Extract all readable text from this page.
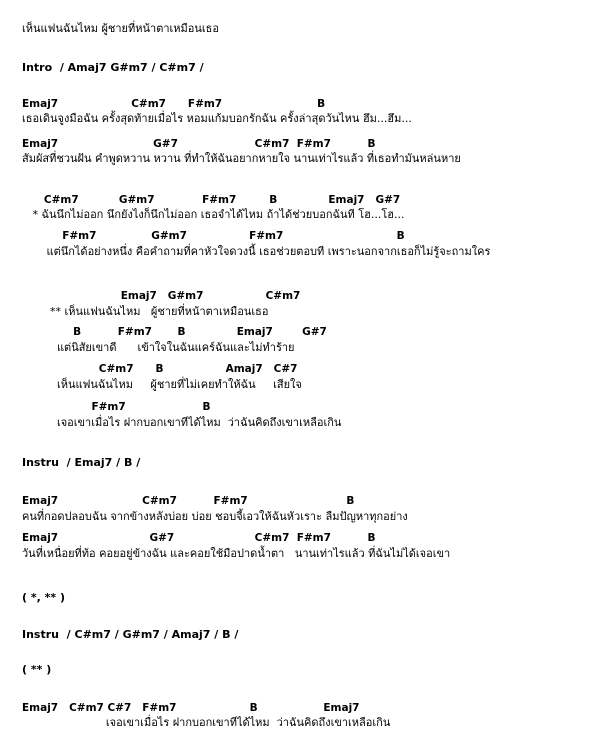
เห็นแฟนฉันไหม ผู้ชายที่หน้าตาเหมือนเธอ
Intro  / Amaj7 G#m7 / C#m7 /
Emaj7                    C#m7      F#m7                          B
เธอเดินจูงมือฉัน ครั้งสุดท้ายเมื่อไร หอมแก้มบอกรักฉัน ครั้งล่าสุดวันไหน ฮึม...ฮึม...
Emaj7                          G#7                     C#m7  F#m7          B
สัมผัสที่ชวนฝัน คำพูดหวาน หวาน ที่ทำให้ฉันอยากหายใจ นานเท่าไรแล้ว ที่เธอทำมันหล่นหาย
C#m7           G#m7             F#m7         B              Emaj7   G#7
* ฉันนึกไม่ออก นึกยังไงก็นึกไม่ออก เธอจำได้ไหม ถ้าได้ช่วยบอกฉันที โฮ...โฮ...
F#m7               G#m7                 F#m7                               B
แต่นึกได้อย่างหนึ่ง คือคำถามที่คาหัวใจดวงนี้ เธอช่วยตอบที เพราะนอกจากเธอก็ไม่รู้จะถามใคร
Emaj7   G#m7                 C#m7
** เห็นแฟนฉันไหม   ผู้ชายที่หน้าตาเหมือนเธอ
B          F#m7       B              Emaj7        G#7
แต่นิสัยเขาดี      เข้าใจในฉันแคร์ฉันและไม่ทำร้าย
C#m7      B                 Amaj7   C#7
เห็นแฟนฉันไหม     ผู้ชายที่ไม่เคยทำให้ฉัน     เสียใจ
F#m7                     B
เจอเขาเมื่อไร ฝากบอกเขาทีได้ไหม  ว่าฉันคิดถึงเขาเหลือเกิน
Instru  / Emaj7 / B /
Emaj7                       C#m7          F#m7                           B
คนที่กอดปลอบฉัน จากข้างหลังบ่อย บ่อย ชอบจี้เอวให้ฉันหัวเราะ ลืมปัญหาทุกอย่าง
Emaj7                         G#7                      C#m7  F#m7          B
วันที่เหนื่อยที่ท้อ คอยอยู่ข้างฉัน และคอยใช้มือปาดน้ำตา   นานเท่าไรแล้ว ที่ฉันไม่ได้เจอเขา
( *, ** )
Instru  / C#m7 / G#m7 / Amaj7 / B /
( ** )
Emaj7   C#m7 C#7   F#m7                    B                  Emaj7
เจอเขาเมื่อไร ฝากบอกเขาทีได้ไหม  ว่าฉันคิดถึงเขาเหลือเกิน
